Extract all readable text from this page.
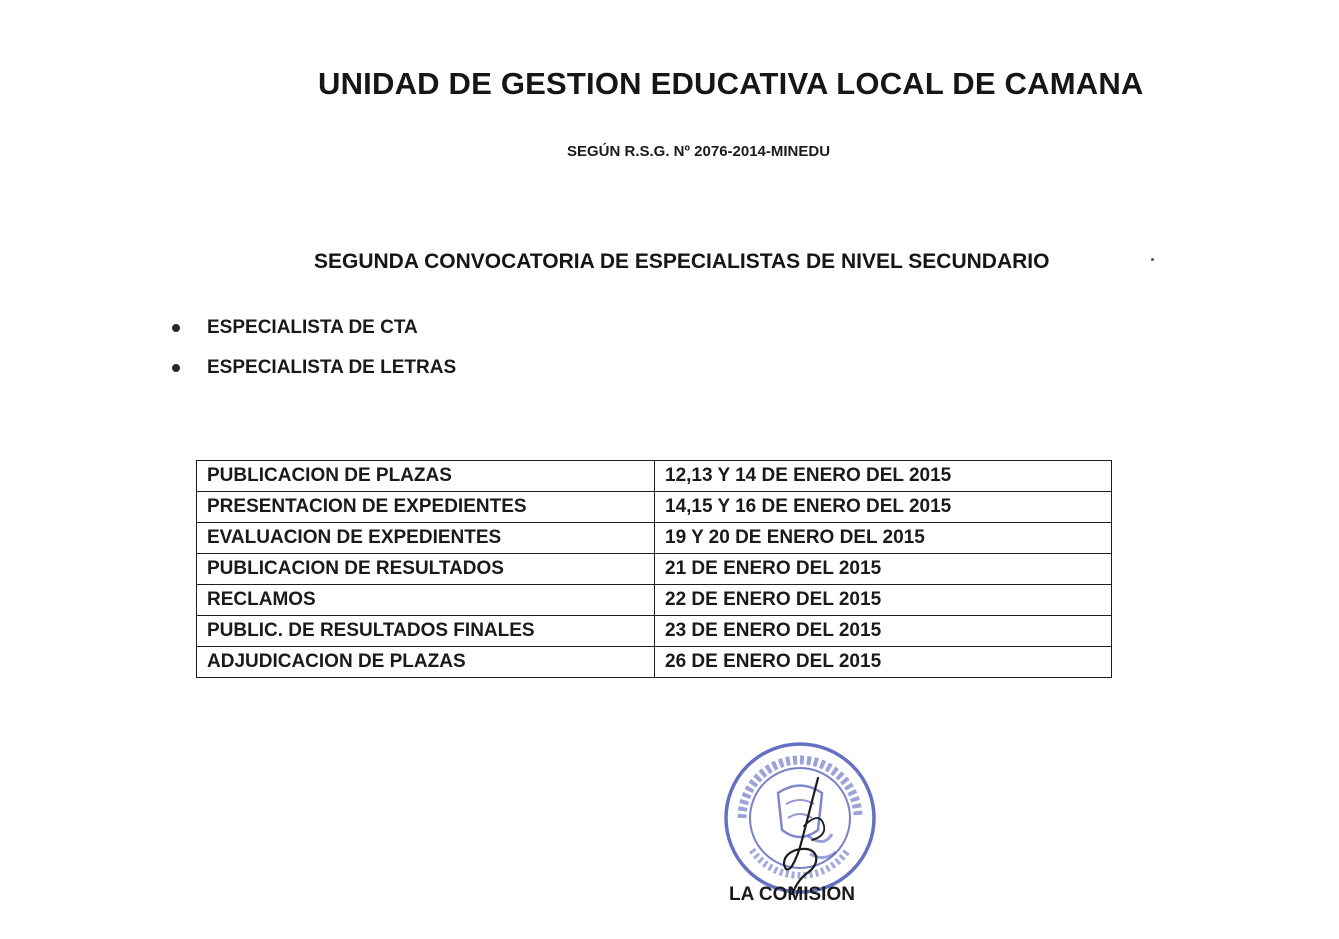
UNIDAD DE GESTION EDUCATIVA LOCAL DE CAMANA
SEGÚN R.S.G. Nº 2076-2014-MINEDU
SEGUNDA CONVOCATORIA DE ESPECIALISTAS DE NIVEL SECUNDARIO
ESPECIALISTA DE CTA
ESPECIALISTA DE LETRAS
PUBLICACION DE PLAZAS	12,13 Y 14 DE ENERO DEL 2015
PRESENTACION DE EXPEDIENTES	14,15 Y 16 DE ENERO DEL 2015
EVALUACION DE EXPEDIENTES	19 Y 20 DE ENERO DEL 2015
PUBLICACION DE RESULTADOS	21 DE ENERO DEL 2015
RECLAMOS	22 DE ENERO DEL 2015
PUBLIC. DE RESULTADOS FINALES	23 DE ENERO DEL 2015
ADJUDICACION DE PLAZAS	26 DE ENERO DEL 2015
LA COMISION
